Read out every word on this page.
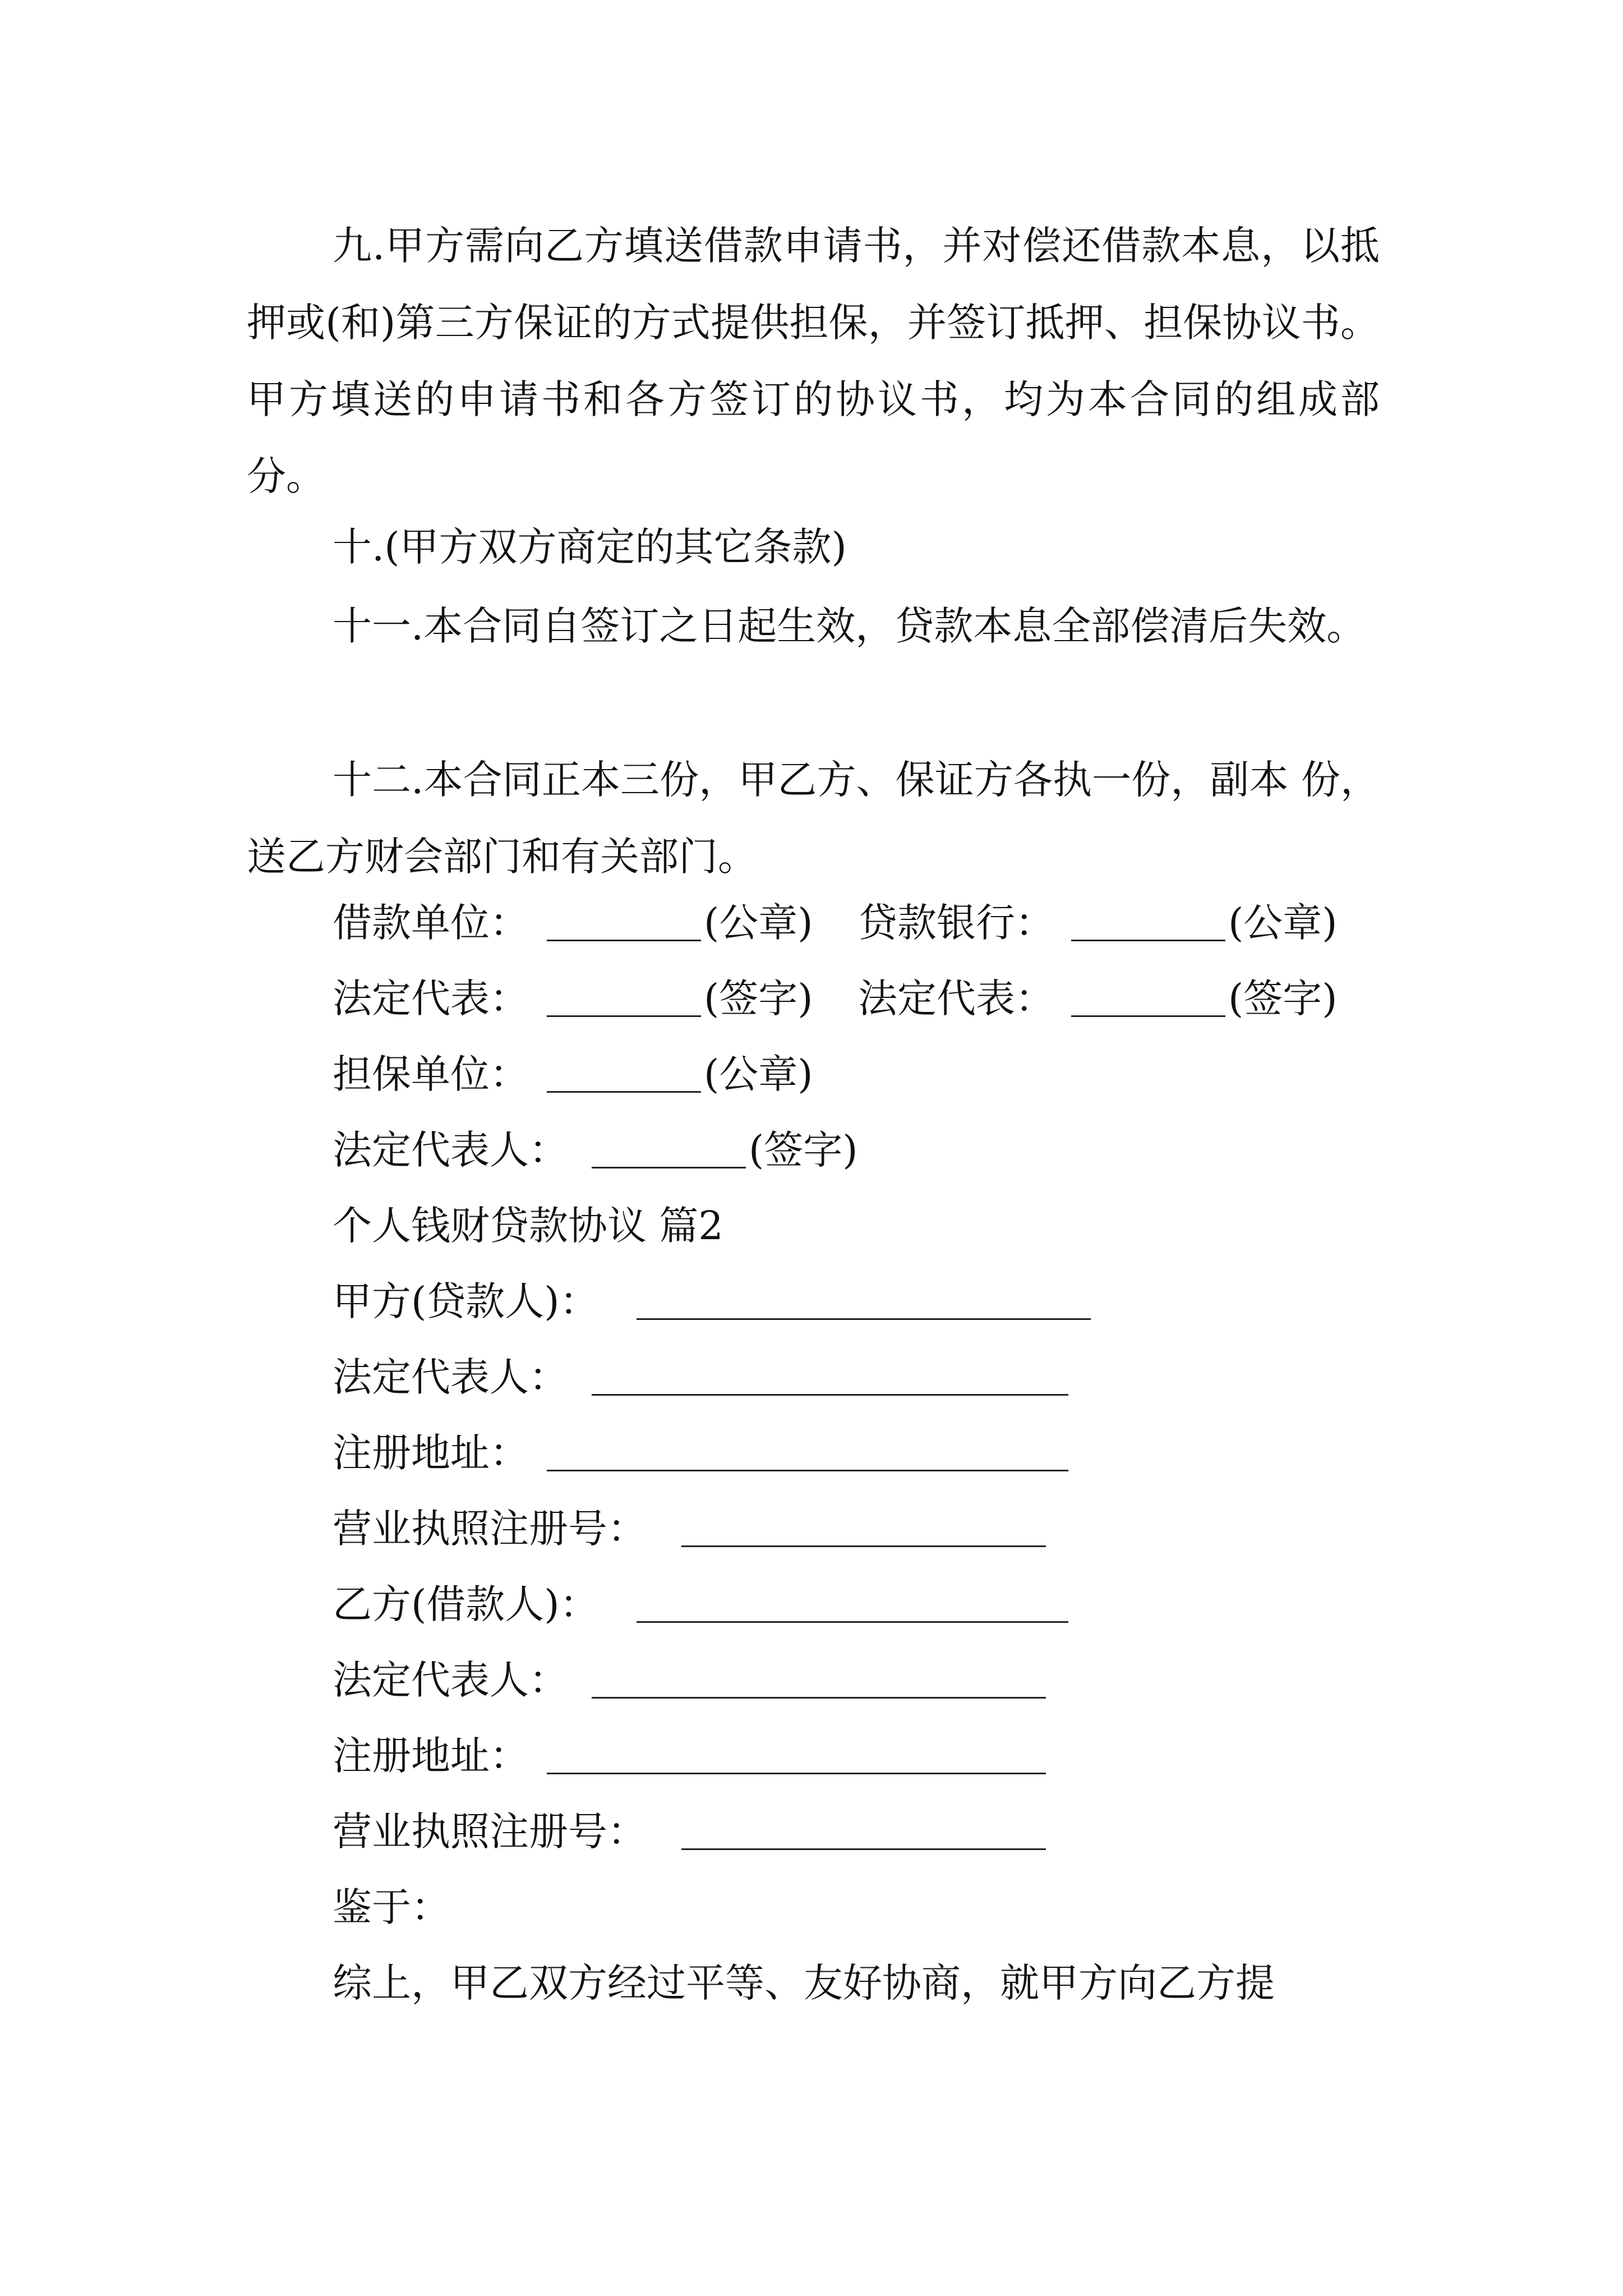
九.甲方需向乙方填送借款申请书，并对偿还借款本息，以抵押或(和)第三方保证的方式提供担保，并签订抵押、担保协议书。甲方填送的申请书和各方签订的协议书，均为本合同的组成部分。
十.(甲方双方商定的其它条款)
十一.本合同自签订之日起生效，贷款本息全部偿清后失效。
十二.本合同正本三份，甲乙方、保证方各执一份，副本 份，送乙方财会部门和有关部门。
借款单位：	(公章) 贷款银行：	(公章)
法定代表：	(签字) 法定代表：	(签字)
担保单位：	(公章)
法定代表人：	(签字)
个人钱财贷款协议 篇2
甲方(贷款人)：
法定代表人：
注册地址：
营业执照注册号：
乙方(借款人)：
法定代表人：
注册地址：
营业执照注册号：
鉴于：
综上，甲乙双方经过平等、友好协商，就甲方向乙方提
